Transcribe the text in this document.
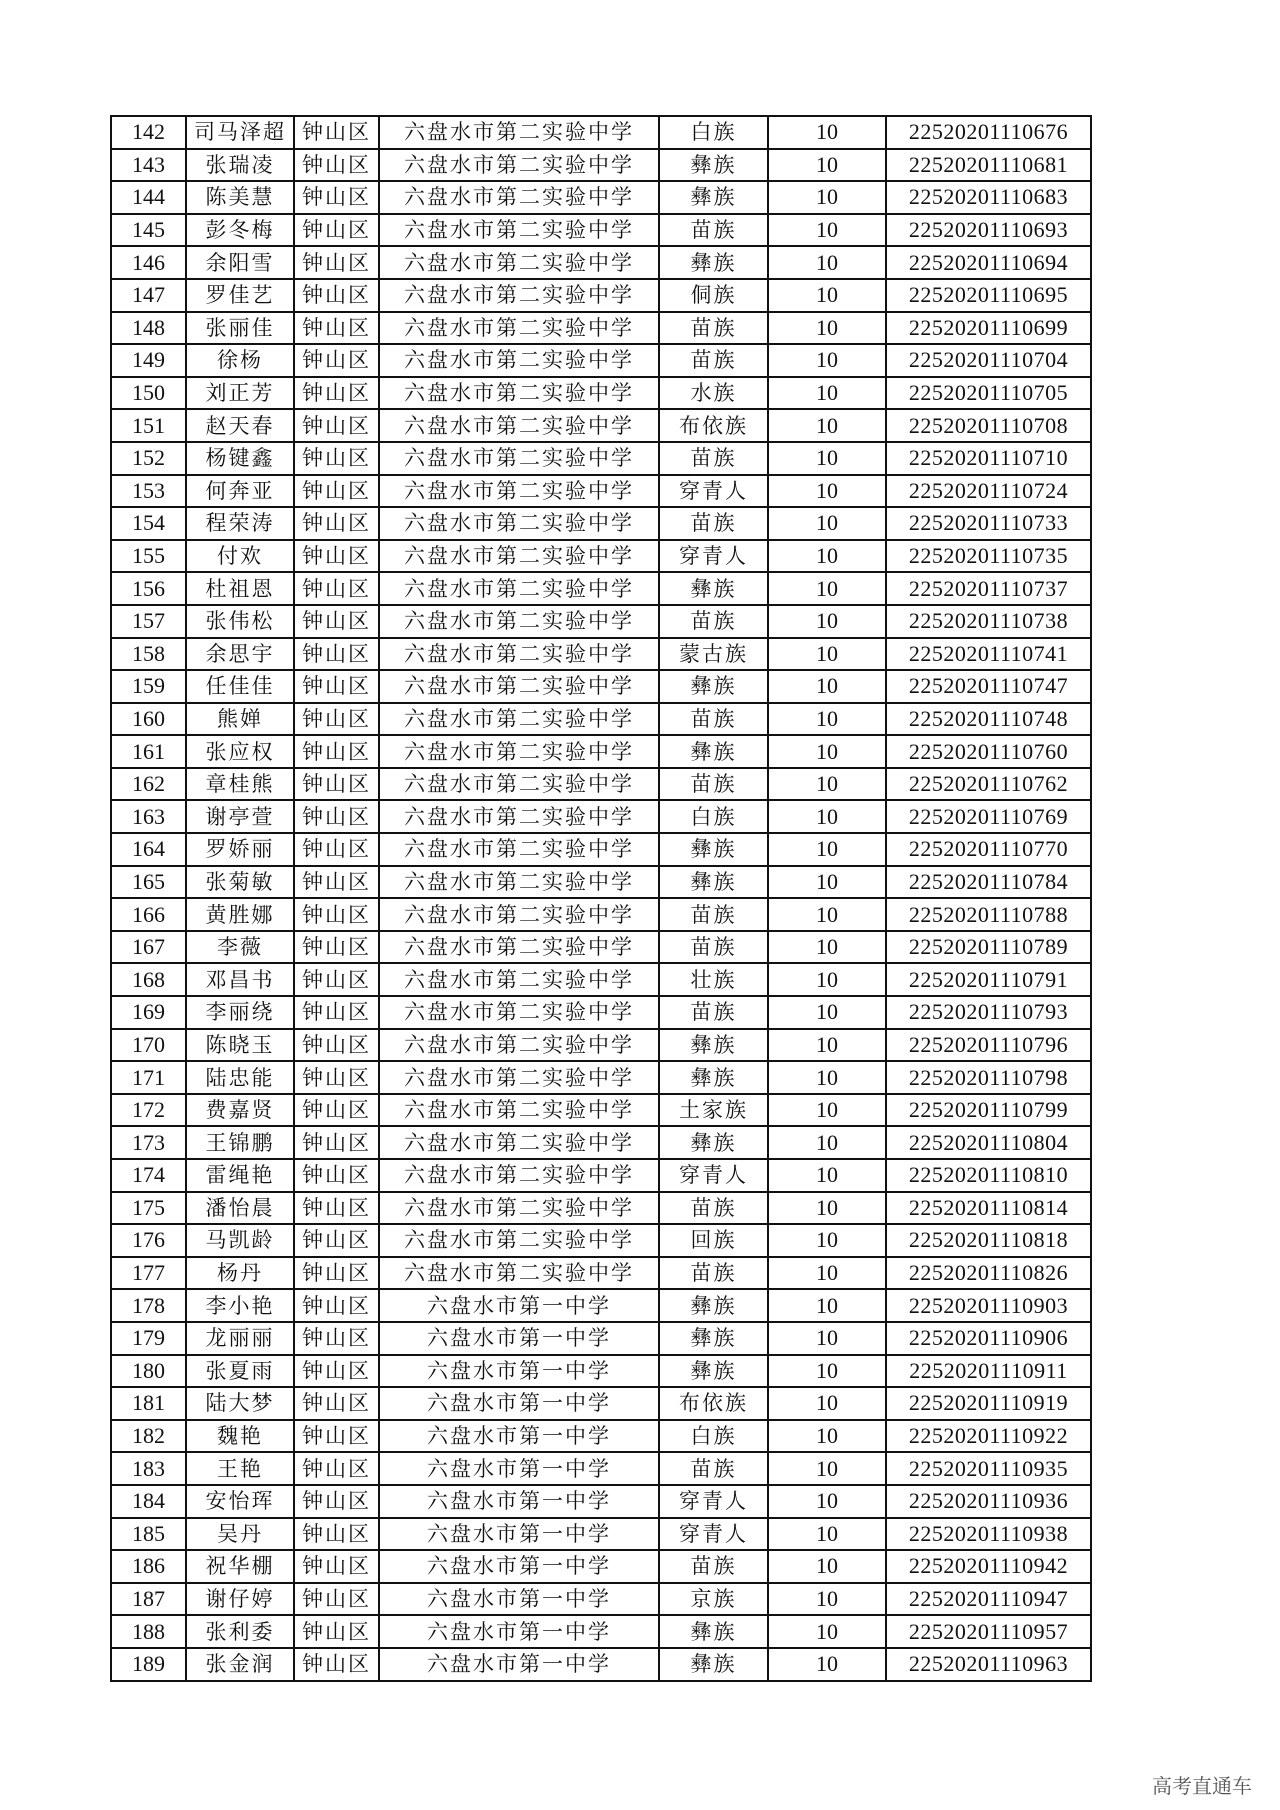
142	司马泽超	钟山区	六盘水市第二实验中学	白族	10	22520201110676
143	张瑞凌	钟山区	六盘水市第二实验中学	彝族	10	22520201110681
144	陈美慧	钟山区	六盘水市第二实验中学	彝族	10	22520201110683
145	彭冬梅	钟山区	六盘水市第二实验中学	苗族	10	22520201110693
146	余阳雪	钟山区	六盘水市第二实验中学	彝族	10	22520201110694
147	罗佳艺	钟山区	六盘水市第二实验中学	侗族	10	22520201110695
148	张丽佳	钟山区	六盘水市第二实验中学	苗族	10	22520201110699
149	徐杨	钟山区	六盘水市第二实验中学	苗族	10	22520201110704
150	刘正芳	钟山区	六盘水市第二实验中学	水族	10	22520201110705
151	赵天春	钟山区	六盘水市第二实验中学	布依族	10	22520201110708
152	杨键鑫	钟山区	六盘水市第二实验中学	苗族	10	22520201110710
153	何奔亚	钟山区	六盘水市第二实验中学	穿青人	10	22520201110724
154	程荣涛	钟山区	六盘水市第二实验中学	苗族	10	22520201110733
155	付欢	钟山区	六盘水市第二实验中学	穿青人	10	22520201110735
156	杜祖恩	钟山区	六盘水市第二实验中学	彝族	10	22520201110737
157	张伟松	钟山区	六盘水市第二实验中学	苗族	10	22520201110738
158	余思宇	钟山区	六盘水市第二实验中学	蒙古族	10	22520201110741
159	任佳佳	钟山区	六盘水市第二实验中学	彝族	10	22520201110747
160	熊婵	钟山区	六盘水市第二实验中学	苗族	10	22520201110748
161	张应权	钟山区	六盘水市第二实验中学	彝族	10	22520201110760
162	章桂熊	钟山区	六盘水市第二实验中学	苗族	10	22520201110762
163	谢亭萱	钟山区	六盘水市第二实验中学	白族	10	22520201110769
164	罗娇丽	钟山区	六盘水市第二实验中学	彝族	10	22520201110770
165	张菊敏	钟山区	六盘水市第二实验中学	彝族	10	22520201110784
166	黄胜娜	钟山区	六盘水市第二实验中学	苗族	10	22520201110788
167	李薇	钟山区	六盘水市第二实验中学	苗族	10	22520201110789
168	邓昌书	钟山区	六盘水市第二实验中学	壮族	10	22520201110791
169	李丽绕	钟山区	六盘水市第二实验中学	苗族	10	22520201110793
170	陈晓玉	钟山区	六盘水市第二实验中学	彝族	10	22520201110796
171	陆忠能	钟山区	六盘水市第二实验中学	彝族	10	22520201110798
172	费嘉贤	钟山区	六盘水市第二实验中学	土家族	10	22520201110799
173	王锦鹏	钟山区	六盘水市第二实验中学	彝族	10	22520201110804
174	雷绳艳	钟山区	六盘水市第二实验中学	穿青人	10	22520201110810
175	潘怡晨	钟山区	六盘水市第二实验中学	苗族	10	22520201110814
176	马凯龄	钟山区	六盘水市第二实验中学	回族	10	22520201110818
177	杨丹	钟山区	六盘水市第二实验中学	苗族	10	22520201110826
178	李小艳	钟山区	六盘水市第一中学	彝族	10	22520201110903
179	龙丽丽	钟山区	六盘水市第一中学	彝族	10	22520201110906
180	张夏雨	钟山区	六盘水市第一中学	彝族	10	22520201110911
181	陆大梦	钟山区	六盘水市第一中学	布依族	10	22520201110919
182	魏艳	钟山区	六盘水市第一中学	白族	10	22520201110922
183	王艳	钟山区	六盘水市第一中学	苗族	10	22520201110935
184	安怡珲	钟山区	六盘水市第一中学	穿青人	10	22520201110936
185	吴丹	钟山区	六盘水市第一中学	穿青人	10	22520201110938
186	祝华棚	钟山区	六盘水市第一中学	苗族	10	22520201110942
187	谢仔婷	钟山区	六盘水市第一中学	京族	10	22520201110947
188	张利委	钟山区	六盘水市第一中学	彝族	10	22520201110957
189	张金润	钟山区	六盘水市第一中学	彝族	10	22520201110963
高考直通车
